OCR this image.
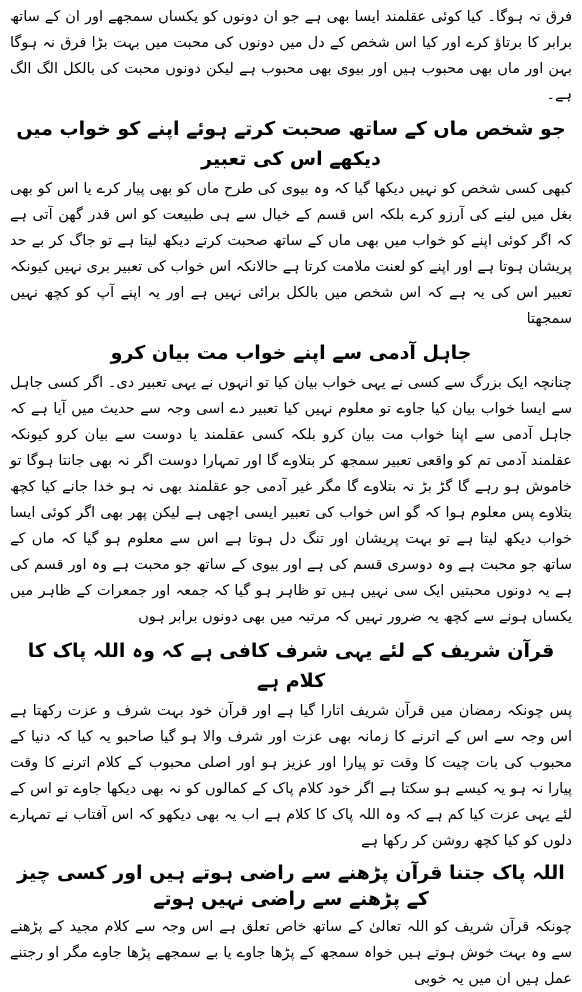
فرق نہ ہوگا۔ کیا کوئی عقلمند ایسا بھی ہے جو ان دونوں کو یکساں سمجھے اور ان کے ساتھ برابر کا برتاؤ کرے اور کیا اس شخص کے دل میں دونوں کی محبت میں بہت بڑا فرق نہ ہوگا بہن اور ماں بھی محبوب ہیں اور بیوی بھی محبوب ہے لیکن دونوں محبت کی بالکل الگ الگ ہے۔

جو شخص ماں کے ساتھ صحبت کرتے ہوئے اپنے کو خواب میں دیکھے اس کی تعبیر

کبھی کسی شخص کو نہیں دیکھا گیا کہ وہ بیوی کی طرح ماں کو بھی پیار کرے یا اس کو بھی بغل میں لینے کی آرزو کرے بلکہ اس قسم کے خیال سے ہی طبیعت کو اس قدر گھن آتی ہے کہ اگر کوئی اپنے کو خواب میں بھی ماں کے ساتھ صحبت کرتے دیکھ لیتا ہے تو جاگ کر بے حد پریشان ہوتا ہے اور اپنے کو لعنت ملامت کرتا ہے حالانکہ اس خواب کی تعبیر بری نہیں کیونکہ تعبیر اس کی یہ ہے کہ اس شخص میں بالکل برائی نہیں ہے اور یہ اپنے آپ کو کچھ نہیں سمجھتا

جاہل آدمی سے اپنے خواب مت بیان کرو

چنانچہ ایک بزرگ سے کسی نے یہی خواب بیان کیا تو انہوں نے یہی تعبیر دی۔ اگر کسی جاہل سے ایسا خواب بیان کیا جاوے تو معلوم نہیں کیا تعبیر دے اسی وجہ سے حدیث میں آیا ہے کہ جاہل آدمی سے اپنا خواب مت بیان کرو بلکہ کسی عقلمند یا دوست سے بیان کرو کیونکہ عقلمند آدمی تم کو واقعی تعبیر سمجھ کر بتلاوے گا اور تمہارا دوست اگر نہ بھی جانتا ہوگا تو خاموش ہو رہے گا گڑ بڑ نہ بتلاوے گا مگر غیر آدمی جو عقلمند بھی نہ ہو خدا جانے کیا کچھ بتلاوے پس معلوم ہوا کہ گو اس خواب کی تعبیر ایسی اچھی ہے لیکن پھر بھی اگر کوئی ایسا خواب دیکھ لیتا ہے تو بہت پریشان اور تنگ دل ہوتا ہے اس سے معلوم ہو گیا کہ ماں کے ساتھ جو محبت ہے وہ دوسری قسم کی ہے اور بیوی کے ساتھ جو محبت ہے وہ اور قسم کی ہے یہ دونوں محبتیں ایک سی نہیں ہیں تو ظاہر ہو گیا کہ جمعہ اور جمعرات کے ظاہر میں یکساں ہونے سے کچھ یہ ضرور نہیں کہ مرتبہ میں بھی دونوں برابر ہوں

قرآن شریف کے لئے یہی شرف کافی ہے کہ وہ اللہ پاک کا کلام ہے

پس چونکہ رمضان میں قرآن شریف اتارا گیا ہے اور قرآن خود بہت شرف و عزت رکھتا ہے اس وجہ سے اس کے اترنے کا زمانہ بھی عزت اور شرف والا ہو گیا صاحبو یہ کیا کہ دنیا کے محبوب کی بات چیت کا وقت تو پیارا اور عزیز ہو اور اصلی محبوب کے کلام اترنے کا وقت پیارا نہ ہو یہ کیسے ہو سکتا ہے اگر خود کلام پاک کے کمالوں کو نہ بھی دیکھا جاوے تو اس کے لئے یہی عزت کیا کم ہے کہ وہ اللہ پاک کا کلام ہے اب یہ بھی دیکھو کہ اس آفتاب نے تمہارے دلوں کو کیا کچھ روشن کر رکھا ہے

اللہ پاک جتنا قرآن پڑھنے سے راضی ہوتے ہیں اور کسی چیز کے پڑھنے سے راضی نہیں ہوتے

چونکہ قرآن شریف کو اللہ تعالیٰ کے ساتھ خاص تعلق ہے اس وجہ سے کلام مجید کے پڑھنے سے وہ بہت خوش ہوتے ہیں خواہ سمجھ کے پڑھا جاوے یا بے سمجھے پڑھا جاوے مگر او رجتنے عمل ہیں ان میں یہ خوبی
